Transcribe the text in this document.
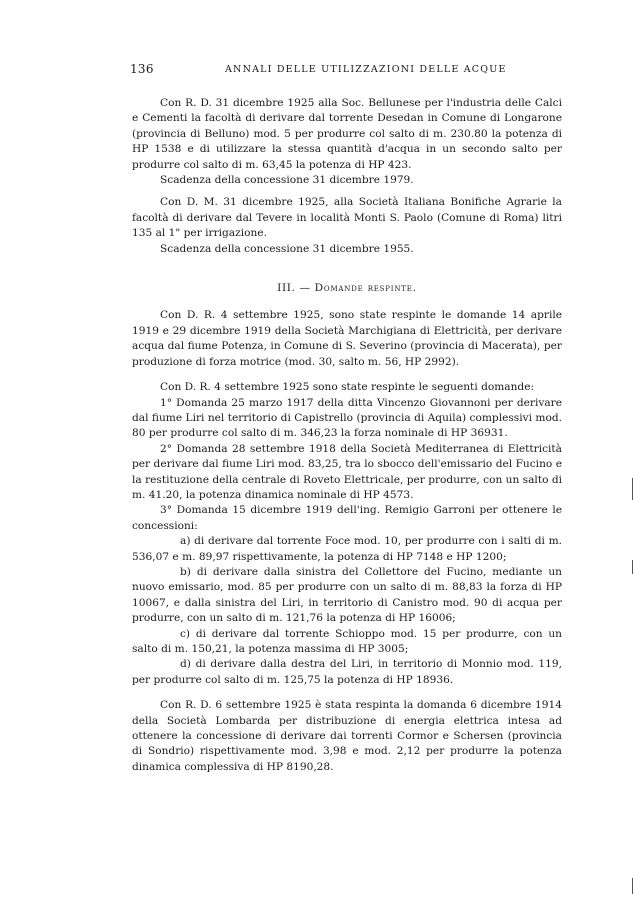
136	ANNALI DELLE UTILIZZAZIONI DELLE ACQUE

Con R. D. 31 dicembre 1925 alla Soc. Bellunese per l'industria delle Calci e Cementi la facoltà di derivare dal torrente Desedan in Comune di Longarone (provincia di Belluno) mod. 5 per produrre col salto di m. 230.80 la potenza di HP 1538 e di utilizzare la stessa quantità d'acqua in un secondo salto per produrre col salto di m. 63,45 la potenza di HP 423.

Scadenza della concessione 31 dicembre 1979.

Con D. M. 31 dicembre 1925, alla Società Italiana Bonifiche Agrarie la facoltà di derivare dal Tevere in località Monti S. Paolo (Comune di Roma) litri 135 al 1" per irrigazione.

Scadenza della concessione 31 dicembre 1955.

III. — Domande respinte.

Con D. R. 4 settembre 1925, sono state respinte le domande 14 aprile 1919 e 29 dicembre 1919 della Società Marchigiana di Elettricità, per derivare acqua dal fiume Potenza, in Comune di S. Severino (provincia di Macerata), per produzione di forza motrice (mod. 30, salto m. 56, HP 2992).

Con D. R. 4 settembre 1925 sono state respinte le seguenti domande:

1° Domanda 25 marzo 1917 della ditta Vincenzo Giovannoni per derivare dal fiume Liri nel territorio di Capistrello (provincia di Aquila) complessivi mod. 80 per produrre col salto di m. 346,23 la forza nominale di HP 36931.

2° Domanda 28 settembre 1918 della Società Mediterranea di Elettricità per derivare dal fiume Liri mod. 83,25, tra lo sbocco dell'emissario del Fucino e la restituzione della centrale di Roveto Elettricale, per produrre, con un salto di m. 41.20, la potenza dinamica nominale di HP 4573.

3° Domanda 15 dicembre 1919 dell'ing. Remigio Garroni per ottenere le concessioni:

a) di derivare dal torrente Foce mod. 10, per produrre con i salti di m. 536,07 e m. 89,97 rispettivamente, la potenza di HP 7148 e HP 1200;

b) di derivare dalla sinistra del Collettore del Fucino, mediante un nuovo emissario, mod. 85 per produrre con un salto di m. 88,83 la forza di HP 10067, e dalla sinistra del Liri, in territorio di Canistro mod. 90 di acqua per produrre, con un salto di m. 121,76 la potenza di HP 16006;

c) di derivare dal torrente Schioppo mod. 15 per produrre, con un salto di m. 150,21, la potenza massima di HP 3005;

d) di derivare dalla destra del Liri, in territorio di Monnio mod. 119, per produrre col salto di m. 125,75 la potenza di HP 18936.

Con R. D. 6 settembre 1925 è stata respinta la domanda 6 dicembre 1914 della Società Lombarda per distribuzione di energia elettrica intesa ad ottenere la concessione di derivare dai torrenti Cormor e Schersen (provincia di Sondrio) rispettivamente mod. 3,98 e mod. 2,12 per produrre la potenza dinamica complessiva di HP 8190,28.
